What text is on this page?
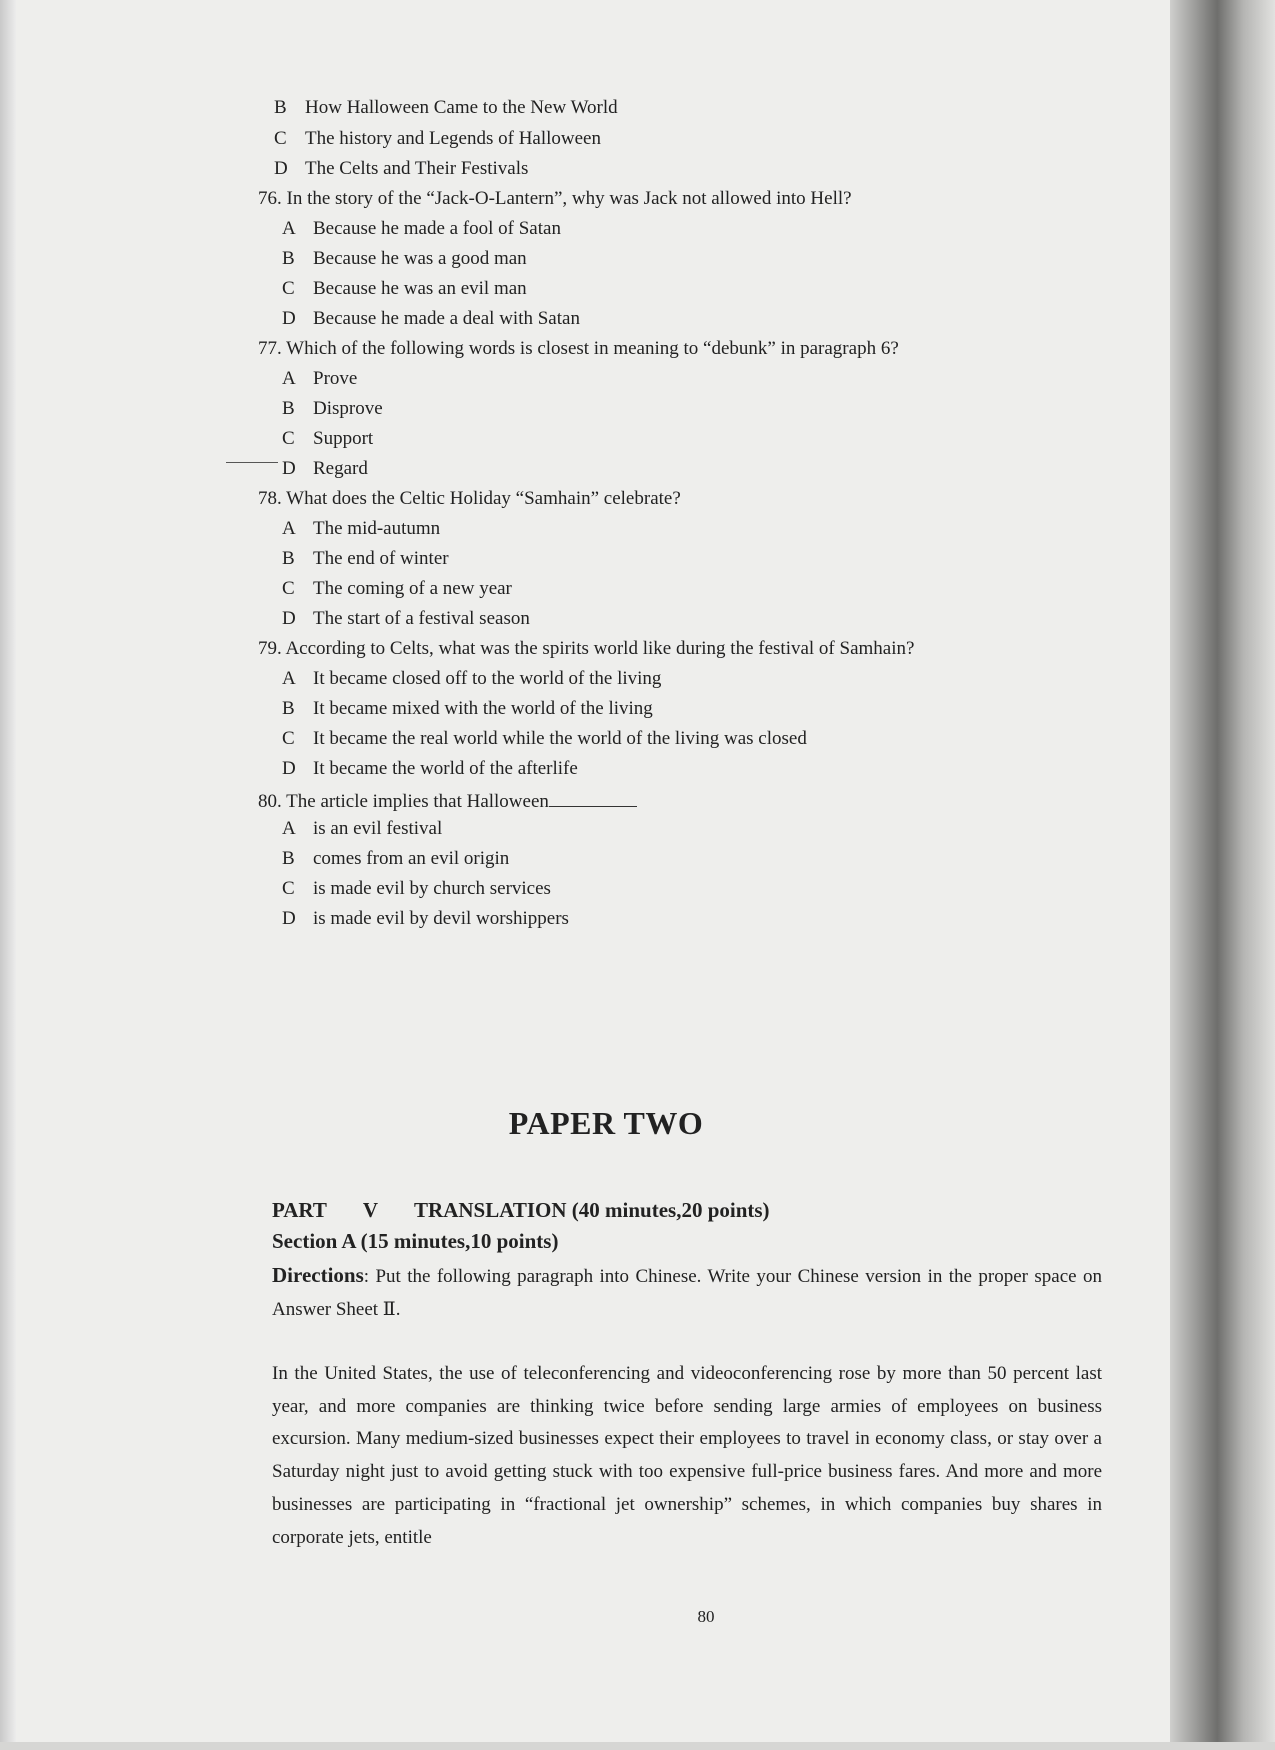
B How Halloween Came to the New World
C The history and Legends of Halloween
D The Celts and Their Festivals
76. In the story of the “Jack-O-Lantern”, why was Jack not allowed into Hell?
A Because he made a fool of Satan
B Because he was a good man
C Because he was an evil man
D Because he made a deal with Satan
77. Which of the following words is closest in meaning to “debunk” in paragraph 6?
A Prove
B Disprove
C Support
D Regard
78. What does the Celtic Holiday “Samhain” celebrate?
A The mid-autumn
B The end of winter
C The coming of a new year
D The start of a festival season
79. According to Celts, what was the spirits world like during the festival of Samhain?
A It became closed off to the world of the living
B It became mixed with the world of the living
C It became the real world while the world of the living was closed
D It became the world of the afterlife
80. The article implies that Halloween
A is an evil festival
B comes from an evil origin
C is made evil by church services
D is made evil by devil worshippers
PAPER TWO
PART V TRANSLATION (40 minutes,20 points)
Section A (15 minutes,10 points)
Directions: Put the following paragraph into Chinese. Write your Chinese version in the proper space on Answer Sheet Ⅱ.
In the United States, the use of teleconferencing and videoconferencing rose by more than 50 percent last year, and more companies are thinking twice before sending large armies of employees on business excursion. Many medium-sized businesses expect their employees to travel in economy class, or stay over a Saturday night just to avoid getting stuck with too expensive full-price business fares. And more and more businesses are participating in “fractional jet ownership” schemes, in which companies buy shares in corporate jets, entitle
80
